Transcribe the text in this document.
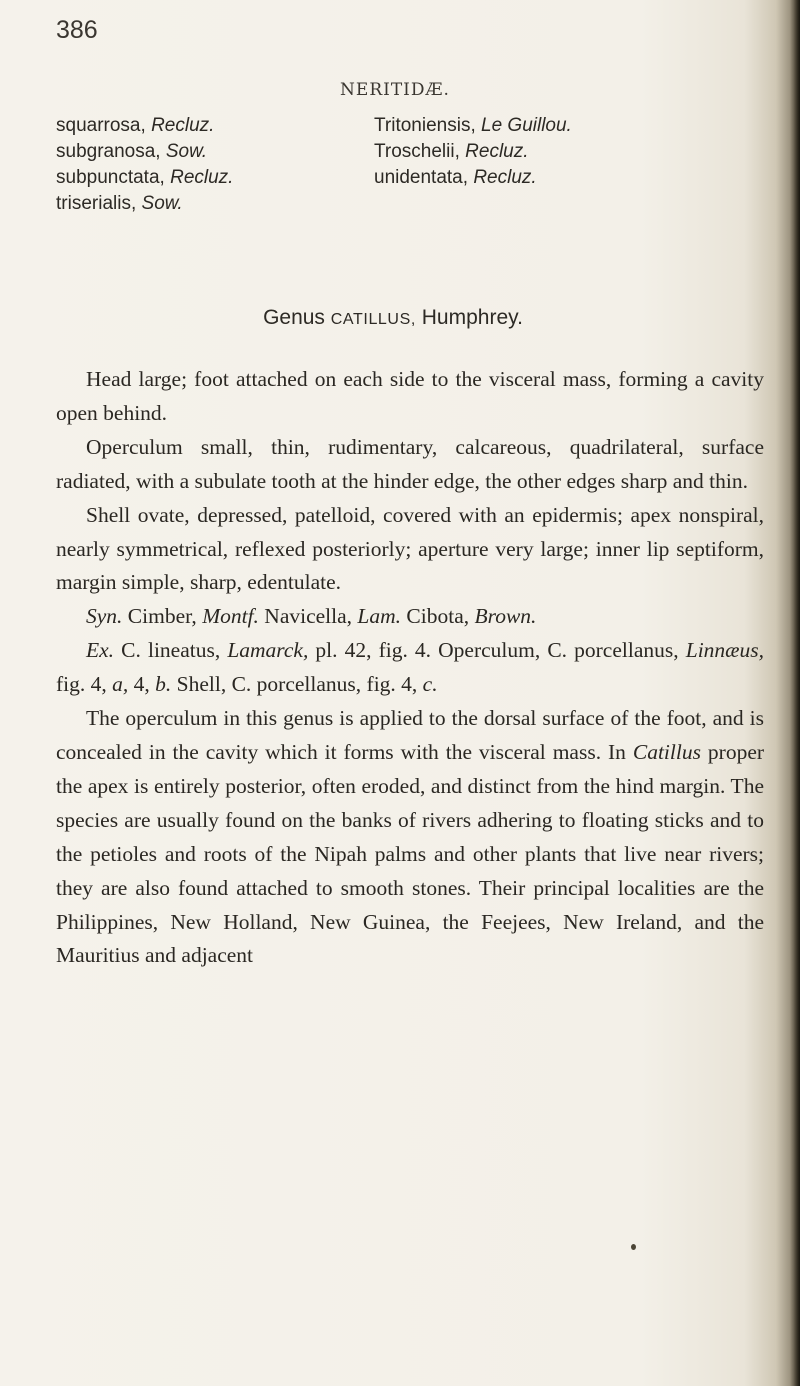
386
NERITIDÆ.
squarrosa, Recluz.
subgranosa, Sow.
subpunctata, Recluz.
triserialis, Sow.
Tritoniensis, Le Guillou.
Troschelii, Recluz.
unidentata, Recluz.
Genus CATILLUS, Humphrey.

Head large; foot attached on each side to the visceral mass, forming a cavity open behind.

Operculum small, thin, rudimentary, calcareous, quadrilateral, surface radiated, with a subulate tooth at the hinder edge, the other edges sharp and thin.

Shell ovate, depressed, patelloid, covered with an epidermis; apex nonspiral, nearly symmetrical, reflexed posteriorly; aperture very large; inner lip septiform, margin simple, sharp, edentulate.

Syn. Cimber, Montf. Navicella, Lam. Cibota, Brown.

Ex. C. lineatus, Lamarck, pl. 42, fig. 4. Operculum, C. porcellanus, Linnæus, fig. 4, a, 4, b. Shell, C. porcellanus, fig. 4, c.

The operculum in this genus is applied to the dorsal surface of the foot, and is concealed in the cavity which it forms with the visceral mass. In Catillus proper the apex is entirely posterior, often eroded, and distinct from the hind margin. The species are usually found on the banks of rivers adhering to floating sticks and to the petioles and roots of the Nipah palms and other plants that live near rivers; they are also found attached to smooth stones. Their principal localities are the Philippines, New Holland, New Guinea, the Feejees, New Ireland, and the Mauritius and adjacent
